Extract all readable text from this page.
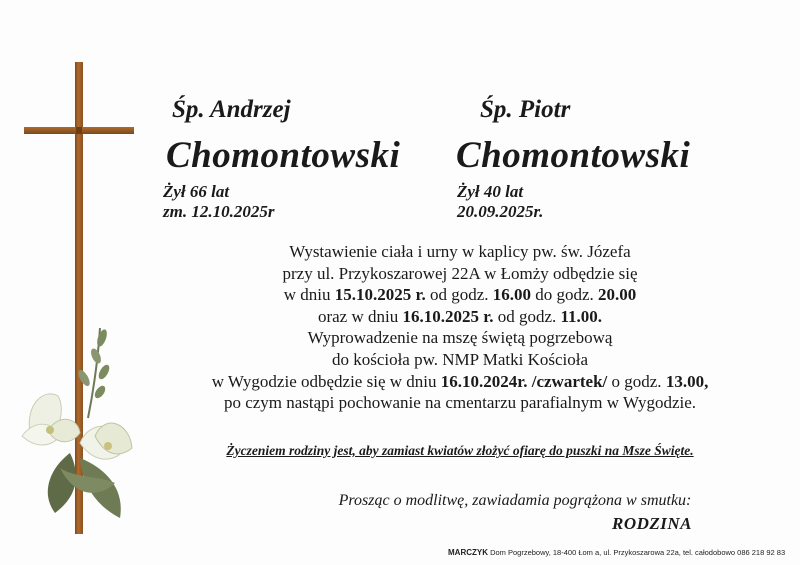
Śp. Andrzej	Śp. Piotr
Chomontowski Chomontowski
Żył 66 lat
zm. 12.10.2025r
Żył 40 lat
20.09.2025r.
Wystawienie ciała i urny w kaplicy pw. św. Józefa
przy ul. Przykoszarowej 22A w Łomży odbędzie się
w dniu 15.10.2025 r. od godz. 16.00 do godz. 20.00
oraz w dniu 16.10.2025 r. od godz. 11.00.
Wyprowadzenie na mszę świętą pogrzebową
do kościoła pw. NMP Matki Kościoła
w Wygodzie odbędzie się w dniu 16.10.2024r. /czwartek/ o godz. 13.00,
po czym nastąpi pochowanie na cmentarzu parafialnym w Wygodzie.
Życzeniem rodziny jest, aby zamiast kwiatów złożyć ofiarę do puszki na Msze Święte.
Prosząc o modlitwę, zawiadamia pogrążona w smutku:
RODZINA
MARCZYK Dom Pogrzebowy, 18-400 Łom a, ul. Przykoszarowa 22a, tel. całodobowo 086 218 92 83
